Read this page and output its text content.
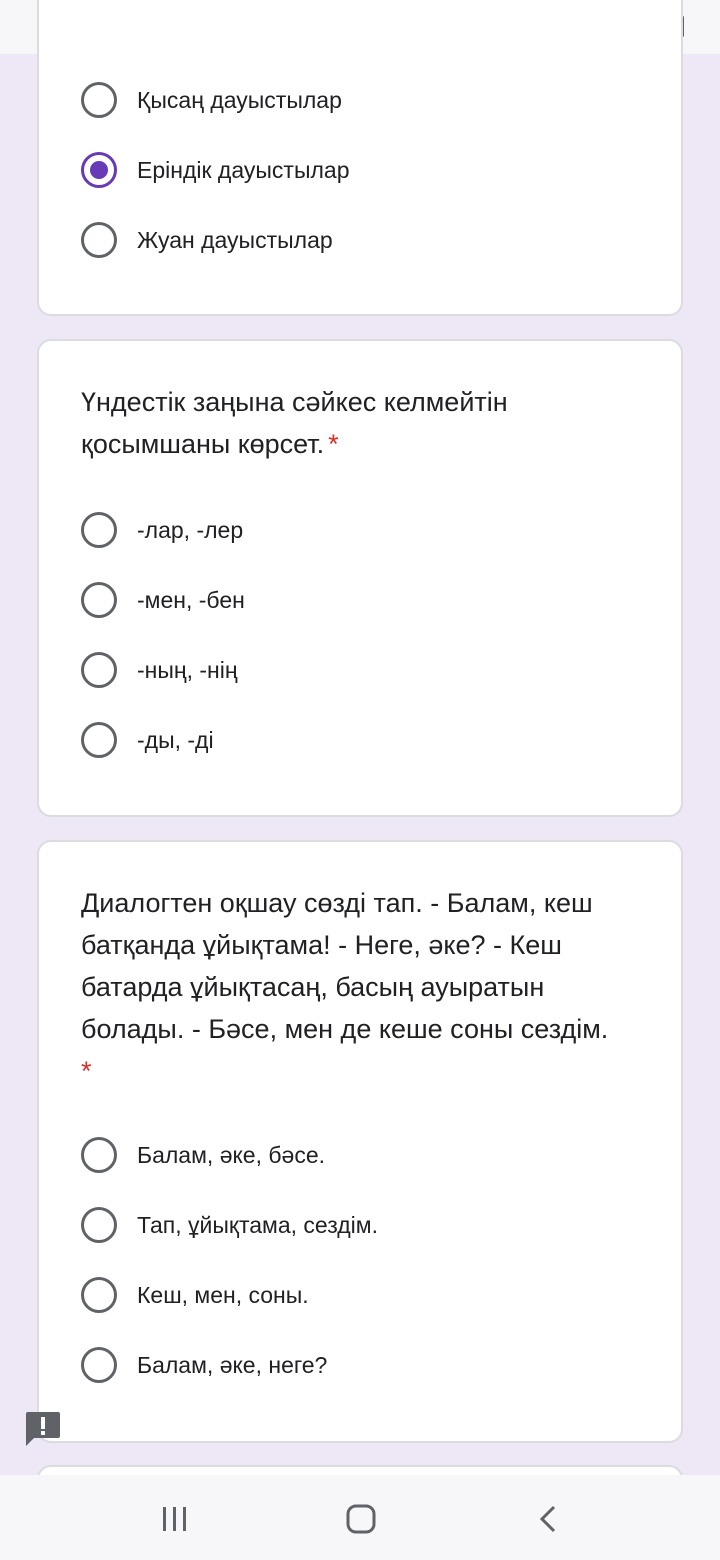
Қысаң дауыстылар
Еріндік дауыстылар
Жуан дауыстылар
Үндестік заңына сәйкес келмейтін қосымшаны көрсет. *
-лар, -лер
-мен, -бен
-ның, -нің
-ды, -ді
Диалогтен оқшау сөзді тап. - Балам, кеш батқанда ұйықтама! - Неге, әке? - Кеш батарда ұйықтасаң, басың ауыратын болады. - Бәсе, мен де кеше соны сездім.
*
Балам, әке, бәсе.
Тап, ұйықтама, сездім.
Кеш, мен, соны.
Балам, әке, неге?
